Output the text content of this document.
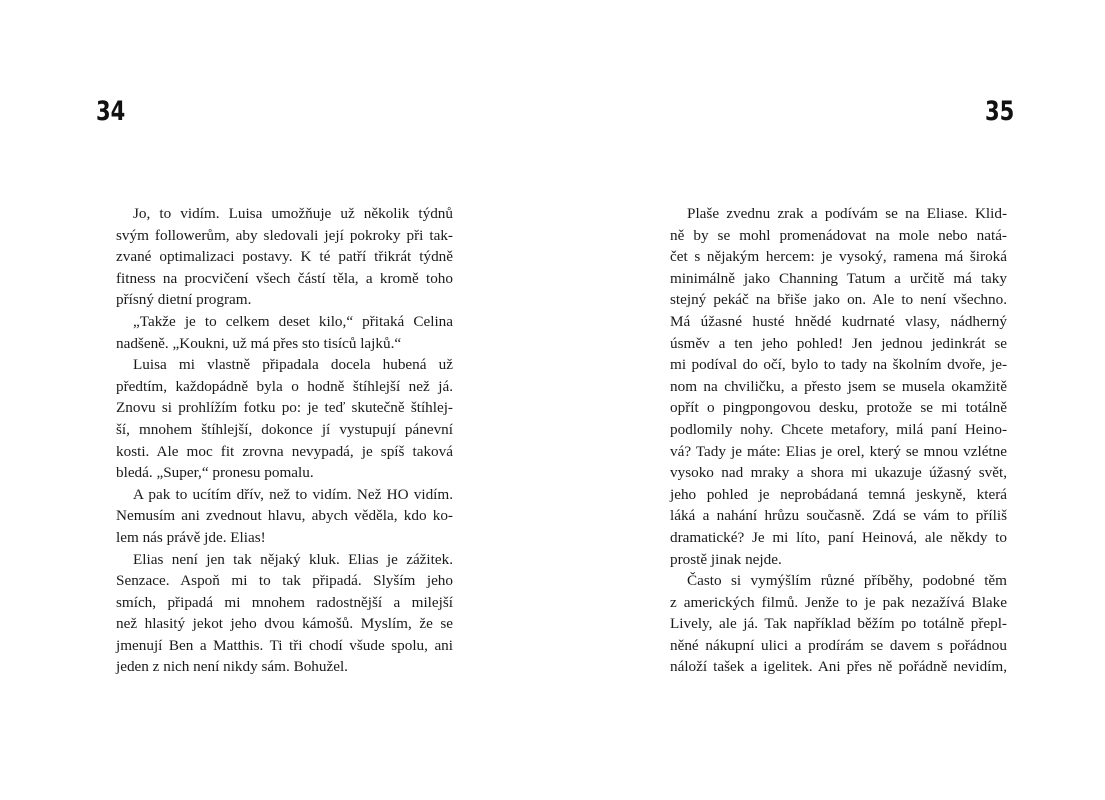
34
Jo, to vidím. Luisa umožňuje už několik týdnů
svým followerům, aby sledovali její pokroky při tak-
zvané optimalizaci postavy. K té patří třikrát týdně
fitness na procvičení všech částí těla, a kromě toho
přísný dietní program.
„Takže je to celkem deset kilo,“ přitaká Celina
nadšeně. „Koukni, už má přes sto tisíců lajků.“
Luisa mi vlastně připadala docela hubená už
předtím, každopádně byla o hodně štíhlejší než já.
Znovu si prohlížím fotku po: je teď skutečně štíhlej-
ší, mnohem štíhlejší, dokonce jí vystupují pánevní
kosti. Ale moc fit zrovna nevypadá, je spíš taková
bledá. „Super,“ pronesu pomalu.
A pak to ucítím dřív, než to vidím. Než HO vidím.
Nemusím ani zvednout hlavu, abych věděla, kdo ko-
lem nás právě jde. Elias!
Elias není jen tak nějaký kluk. Elias je zážitek.
Senzace. Aspoň mi to tak připadá. Slyším jeho
smích, připadá mi mnohem radostnější a milejší
než hlasitý jekot jeho dvou kámošů. Myslím, že se
jmenují Ben a Matthis. Ti tři chodí všude spolu, ani
jeden z nich není nikdy sám. Bohužel.
35
Plaše zvednu zrak a podívám se na Eliase. Klid-
ně by se mohl promenádovat na mole nebo natá-
čet s nějakým hercem: je vysoký, ramena má široká
minimálně jako Channing Tatum a určitě má taky
stejný pekáč na břiše jako on. Ale to není všechno.
Má úžasné husté hnědé kudrnaté vlasy, nádherný
úsměv a ten jeho pohled! Jen jednou jedinkrát se
mi podíval do očí, bylo to tady na školním dvoře, je-
nom na chviličku, a přesto jsem se musela okamžitě
opřít o pingpongovou desku, protože se mi totálně
podlomily nohy. Chcete metafory, milá paní Heino-
vá? Tady je máte: Elias je orel, který se mnou vzlétne
vysoko nad mraky a shora mi ukazuje úžasný svět,
jeho pohled je neprobádaná temná jeskyně, která
láká a nahání hrůzu současně. Zdá se vám to příliš
dramatické? Je mi líto, paní Heinová, ale někdy to
prostě jinak nejde.
Často si vymýšlím různé příběhy, podobné těm
z amerických filmů. Jenže to je pak nezažívá Blake
Lively, ale já. Tak například běžím po totálně přepl-
něné nákupní ulici a prodírám se davem s pořádnou
náloží tašek a igelitek. Ani přes ně pořádně nevidím,
